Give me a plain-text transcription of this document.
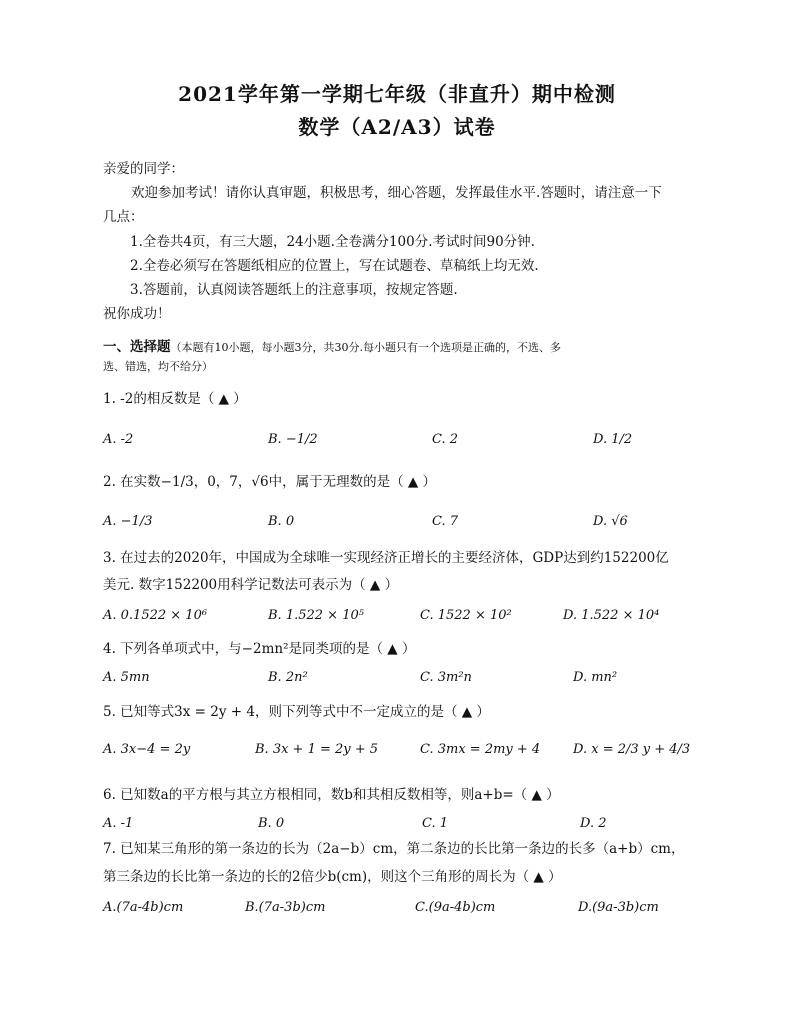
2021学年第一学期七年级（非直升）期中检测
数学（A2/A3）试卷
亲爱的同学：
欢迎参加考试！请你认真审题，积极思考，细心答题，发挥最佳水平.答题时，请注意一下
几点：
1.全卷共4页，有三大题，24小题.全卷满分100分.考试时间90分钟.
2.全卷必须写在答题纸相应的位置上，写在试题卷、草稿纸上均无效.
3.答题前，认真阅读答题纸上的注意事项，按规定答题.
祝你成功！
一、选择题（本题有10小题，每小题3分，共30分.每小题只有一个选项是正确的，不选、多
选、错选，均不给分）
1. -2的相反数是（ ▲ ）
A. -2	B. −1/2	C. 2	D. 1/2
2. 在实数−1/3，0，7，√6中，属于无理数的是（ ▲ ）
A. −1/3	B. 0	C. 7	D. √6
3. 在过去的2020年，中国成为全球唯一实现经济正增长的主要经济体，GDP达到约152200亿
美元. 数字152200用科学记数法可表示为（ ▲ ）
A. 0.1522 × 10⁶	B. 1.522 × 10⁵	C. 1522 × 10²	D. 1.522 × 10⁴
4. 下列各单项式中，与−2mn²是同类项的是（ ▲ ）
A. 5mn	B. 2n²	C. 3m²n	D. mn²
5. 已知等式3x = 2y + 4，则下列等式中不一定成立的是（ ▲ ）
A. 3x−4 = 2y	B. 3x + 1 = 2y + 5	C. 3mx = 2my + 4	D. x = 2/3 y + 4/3
6. 已知数a的平方根与其立方根相同，数b和其相反数相等，则a+b=（ ▲ ）
A. -1	B. 0	C. 1	D. 2
7. 已知某三角形的第一条边的长为（2a−b）cm，第二条边的长比第一条边的长多（a+b）cm，
第三条边的长比第一条边的长的2倍少b(cm)，则这个三角形的周长为（ ▲ ）
A.(7a-4b)cm	B.(7a-3b)cm	C.(9a-4b)cm	D.(9a-3b)cm
